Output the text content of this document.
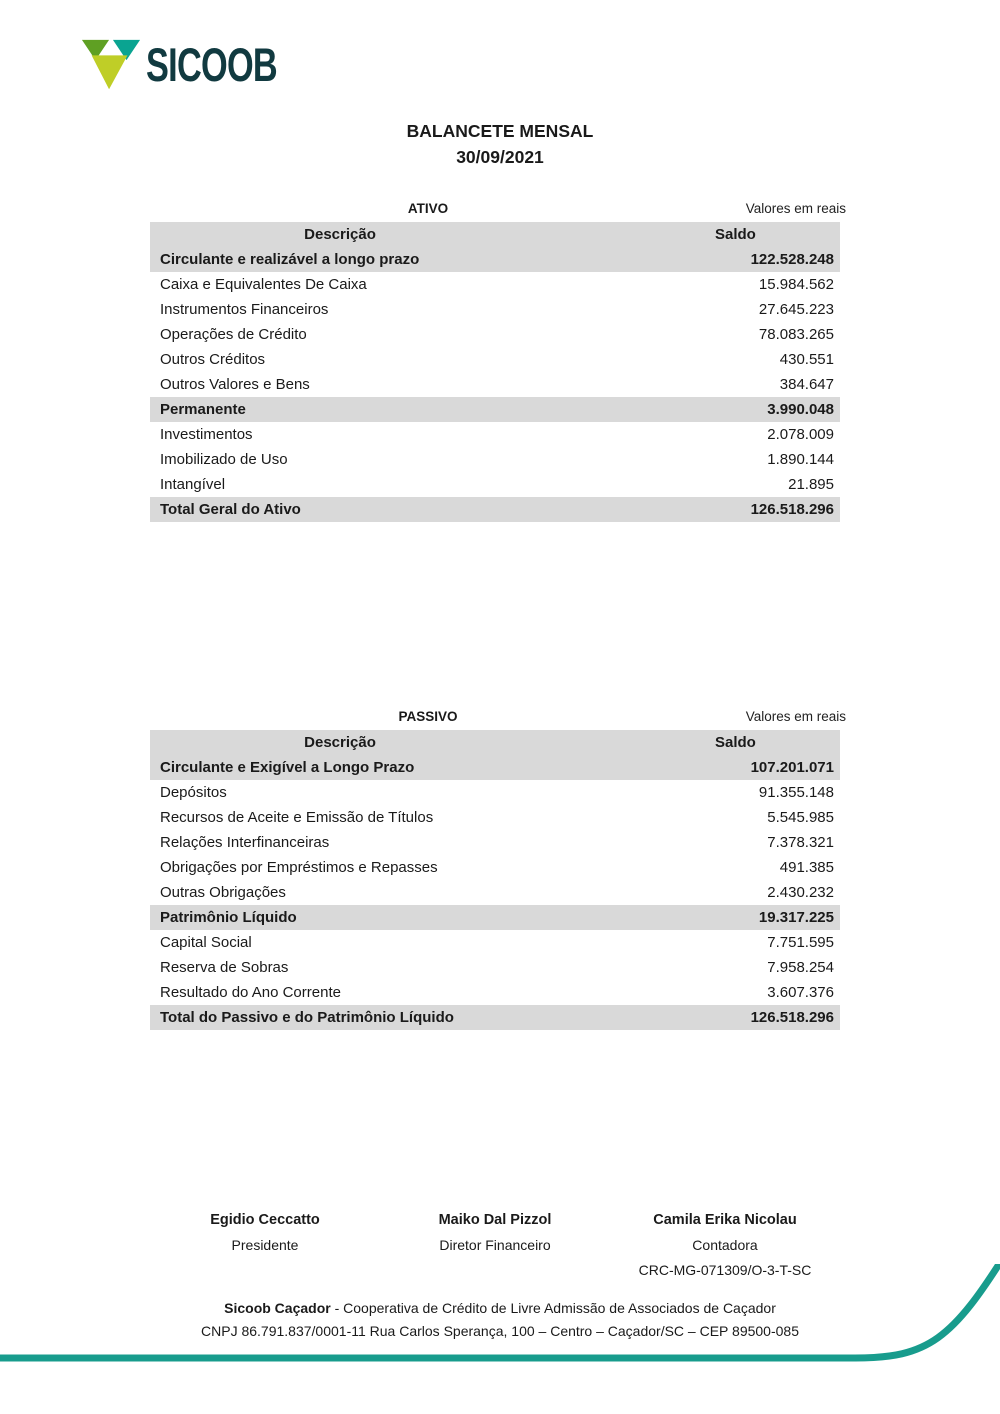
SICOOB
BALANCETE MENSAL
30/09/2021
ATIVO	Valores em reais
Descrição	Saldo
Circulante e realizável a longo prazo	122.528.248
Caixa e Equivalentes De Caixa	15.984.562
Instrumentos Financeiros	27.645.223
Operações de Crédito	78.083.265
Outros Créditos	430.551
Outros Valores e Bens	384.647
Permanente	3.990.048
Investimentos	2.078.009
Imobilizado de Uso	1.890.144
Intangível	21.895
Total Geral do Ativo	126.518.296
PASSIVO	Valores em reais
Descrição	Saldo
Circulante e Exigível a Longo Prazo	107.201.071
Depósitos	91.355.148
Recursos de Aceite e Emissão de Títulos	5.545.985
Relações Interfinanceiras	7.378.321
Obrigações por Empréstimos e Repasses	491.385
Outras Obrigações	2.430.232
Patrimônio Líquido	19.317.225
Capital Social	7.751.595
Reserva de Sobras	7.958.254
Resultado do Ano Corrente	3.607.376
Total do Passivo e do Patrimônio Líquido	126.518.296
Egidio Ceccatto
Presidente
Maiko Dal Pizzol
Diretor Financeiro
Camila Erika Nicolau
Contadora
CRC-MG-071309/O-3-T-SC
Sicoob Caçador - Cooperativa de Crédito de Livre Admissão de Associados de Caçador
CNPJ 86.791.837/0001-11 Rua Carlos Sperança, 100 – Centro – Caçador/SC – CEP 89500-085
